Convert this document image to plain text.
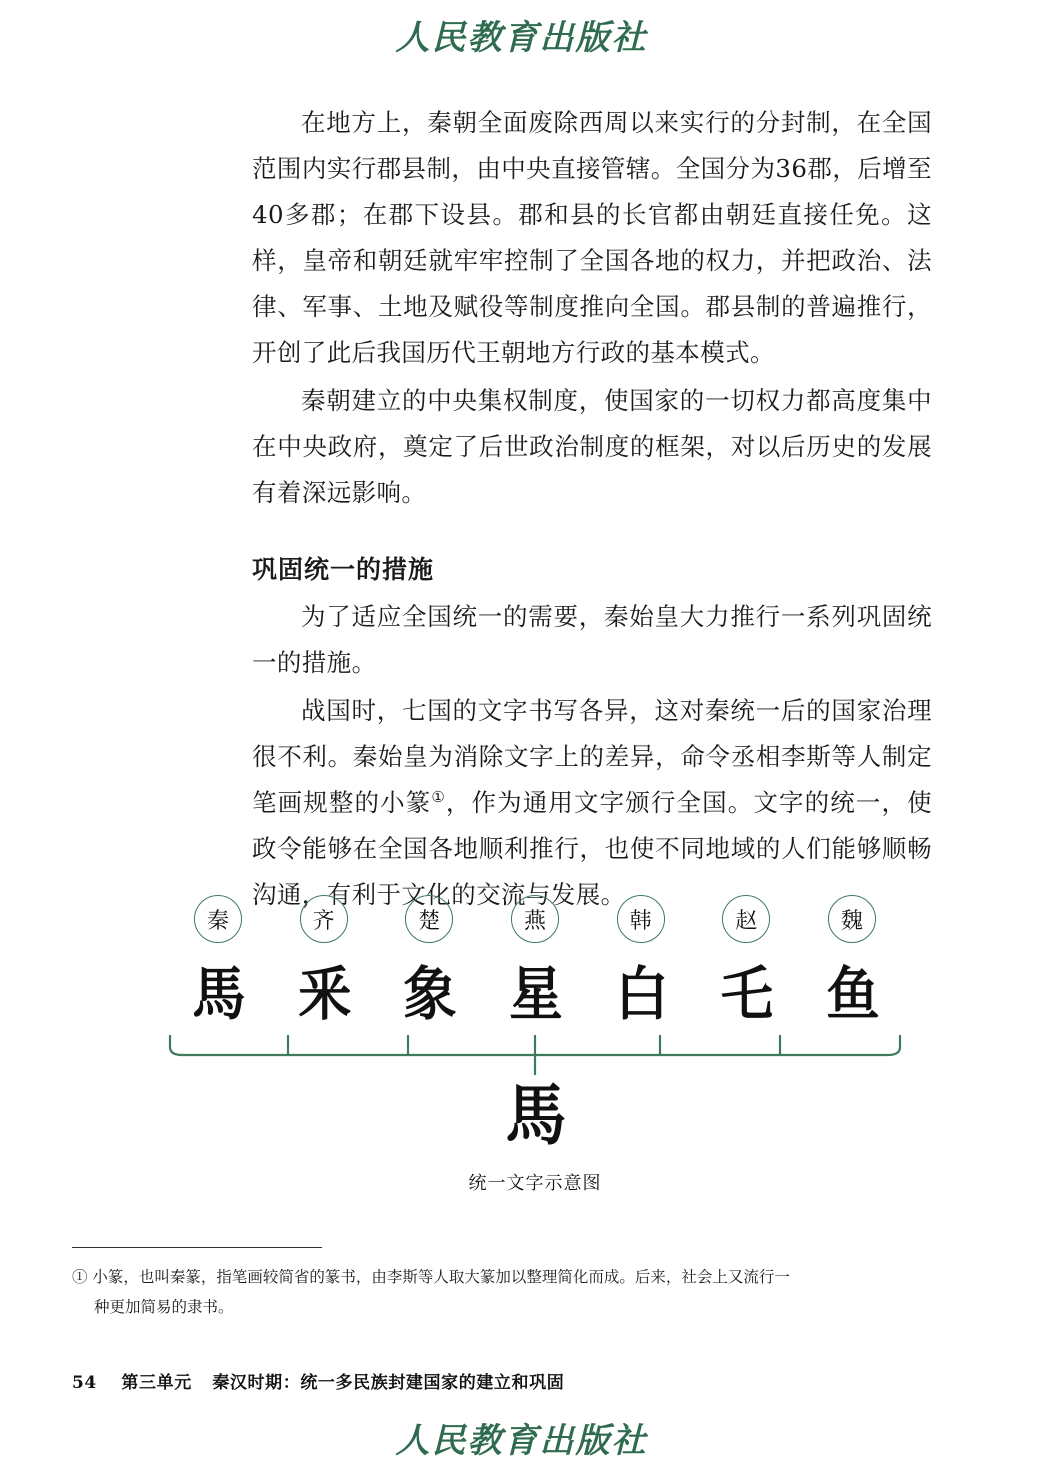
人民教育出版社

在地方上，秦朝全面废除西周以来实行的分封制，在全国范围内实行郡县制，由中央直接管辖。全国分为36郡，后增至40多郡；在郡下设县。郡和县的长官都由朝廷直接任免。这样，皇帝和朝廷就牢牢控制了全国各地的权力，并把政治、法律、军事、土地及赋役等制度推向全国。郡县制的普遍推行，开创了此后我国历代王朝地方行政的基本模式。

秦朝建立的中央集权制度，使国家的一切权力都高度集中在中央政府，奠定了后世政治制度的框架，对以后历史的发展有着深远影响。

巩固统一的措施

为了适应全国统一的需要，秦始皇大力推行一系列巩固统一的措施。

战国时，七国的文字书写各异，这对秦统一后的国家治理很不利。秦始皇为消除文字上的差异，命令丞相李斯等人制定笔画规整的小篆①，作为通用文字颁行全国。文字的统一，使政令能够在全国各地顺利推行，也使不同地域的人们能够顺畅沟通，有利于文化的交流与发展。

秦
馬
齐
釆
楚
象
燕
星
韩
白
赵
乇
魏
鱼
馬
统一文字示意图
① 小篆，也叫秦篆，指笔画较简省的篆书，由李斯等人取大篆加以整理简化而成。后来，社会上又流行一
种更加简易的隶书。
54 第三单元 秦汉时期：统一多民族封建国家的建立和巩固
人民教育出版社
